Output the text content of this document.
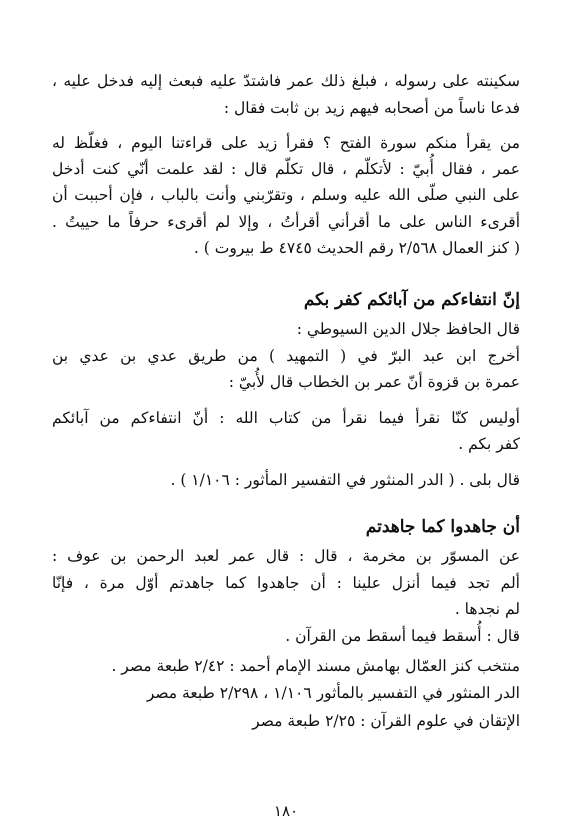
سكينته على رسوله ، فبلغ ذلك عمر فاشتدّ عليه فبعث إليه فدخل عليه ،
فدعا ناساً من أصحابه فيهم زيد بن ثابت فقال :
من يقرأ منكم سورة الفتح ؟ فقرأ زيد على قراءتنا اليوم ، فغلّظ له
عمر ، فقال أُبيّ : لأتكلّم ، قال تكلّم قال : لقد علمت أنّي كنت أدخل
على النبي صلّى الله عليه وسلم ، وتقرّبني وأنت بالباب ، فإن أحببت أن
أقرىء الناس على ما أقرأني أقرأتُ ، وإلا لم أقرىء حرفاً ما حييتُ .
( كنز العمال ٢/٥٦٨ رقم الحديث ٤٧٤٥ ط بيروت ) .
إنّ انتفاءكم من آبائكم كفر بكم
قال الحافظ جلال الدين السيوطي :
أخرج ابن عبد البرّ في ( التمهيد ) من طريق عدي بن عدي بن
عمرة بن قزوة أنّ عمر بن الخطاب قال لأُبيّ :
أوليس كنّا نقرأ فيما نقرأ من كتاب الله : أنّ انتفاءكم من آبائكم
كفر بكم .
قال بلى . ( الدر المنثور في التفسير المأثور : ١/١٠٦ ) .
أن جاهدوا كما جاهدتم
عن المسوّر بن مخرمة ، قال : قال عمر لعبد الرحمن بن عوف :
ألم تجد فيما أنزل علينا : أن جاهدوا كما جاهدتم أوّل مرة ، فإنّا
لم نجدها .
قال : أُسقط فيما أسقط من القرآن .
منتخب كنز العمّال بهامش مسند الإمام أحمد : ٢/٤٢ طبعة مصر .
الدر المنثور في التفسير بالمأثور ١/١٠٦ ، ٢/٢٩٨ طبعة مصر
الإتقان في علوم القرآن : ٢/٢٥ طبعة مصر
١٨٠
